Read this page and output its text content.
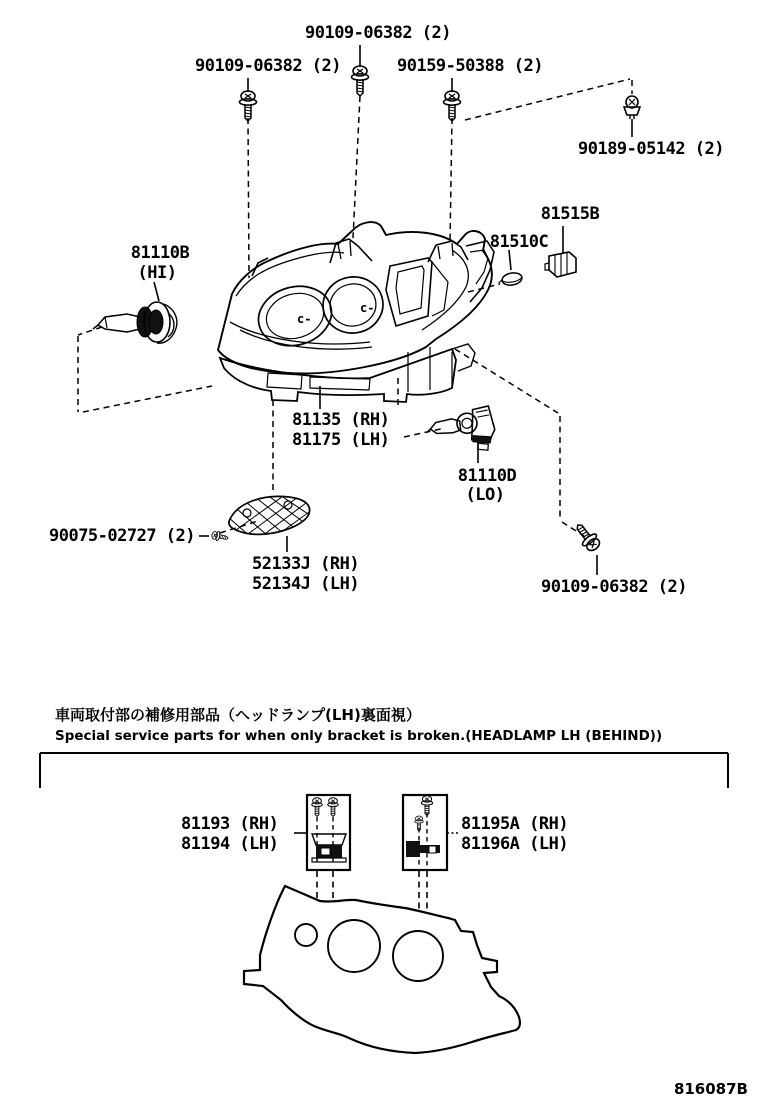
c-
c-
90109-06382 (2)
90109-06382 (2)	90159-50388 (2)
90189-05142 (2)
81515B
81510C
81110B
(HI)
81135 (RH)
81175 (LH)
81110D
(LO)
90075-02727 (2)
52133J (RH)
52134J (LH)	90109-06382 (2)
車両取付部の補修用部品（ヘッドランプ(LH)裏面視）
Special service parts for when only bracket is broken.(HEADLAMP LH (BEHIND))
81193 (RH)
81194 (LH)
81195A (RH)
81196A (LH)
816087B
